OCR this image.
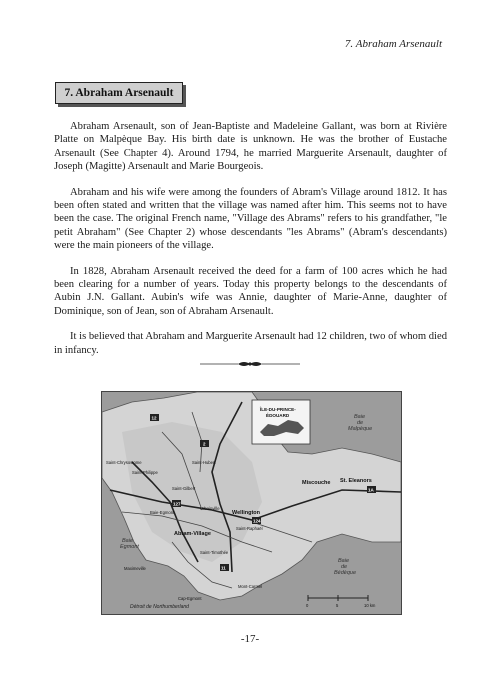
7. Abraham Arsenault
7. Abraham Arsenault

Abraham Arsenault, son of Jean-Baptiste and Madeleine Gallant, was born at Rivière Platte on Malpèque Bay. His birth date is unknown. He was the brother of Eustache Arsenault (See Chapter 4). Around 1794, he married Marguerite Arsenault, daughter of Joseph (Magitte) Arsenault and Marie Bourgeois.

Abraham and his wife were among the founders of Abram's Village around 1812. It has been often stated and written that the village was named after him. This seems not to have been the case. The original French name, "Village des Abrams" refers to his grandfather, "le petit Abraham" (See Chapter 2) whose descendants "les Abrams" (Abram's descendants) were the main pioneers of the village.

In 1828, Abraham Arsenault received the deed for a farm of 100 acres which he had been clearing for a number of years. Today this property belongs to the descendants of Aubin J.N. Gallant. Aubin's wife was Annie, daughter of Marie-Anne, daughter of Dominique, son of Jean, son of Abraham Arsenault.

It is believed that Abraham and Marguerite Arsenault had 12 children, two of whom died in infancy.

ÎLE-DU-PRINCE-
ÉDOUARD	Baie
de
Malpèque
St. Eleanors
Miscouche
Wellington
Abram-Village
Baie
Egmont
Baie
de
Bédèque
Saint-Chrysostome
Saint-Philippe
Saint-Gilbert
Saint-Hubert
Baie-Egmont
Urbainville
Saint-Raphaël
Saint-Timothée
Mont-Carmel
Maximeville
Cap-Egmont
Détroit de Northumberland	0	5	10 km
12
2
1A
124
11
127
-17-
